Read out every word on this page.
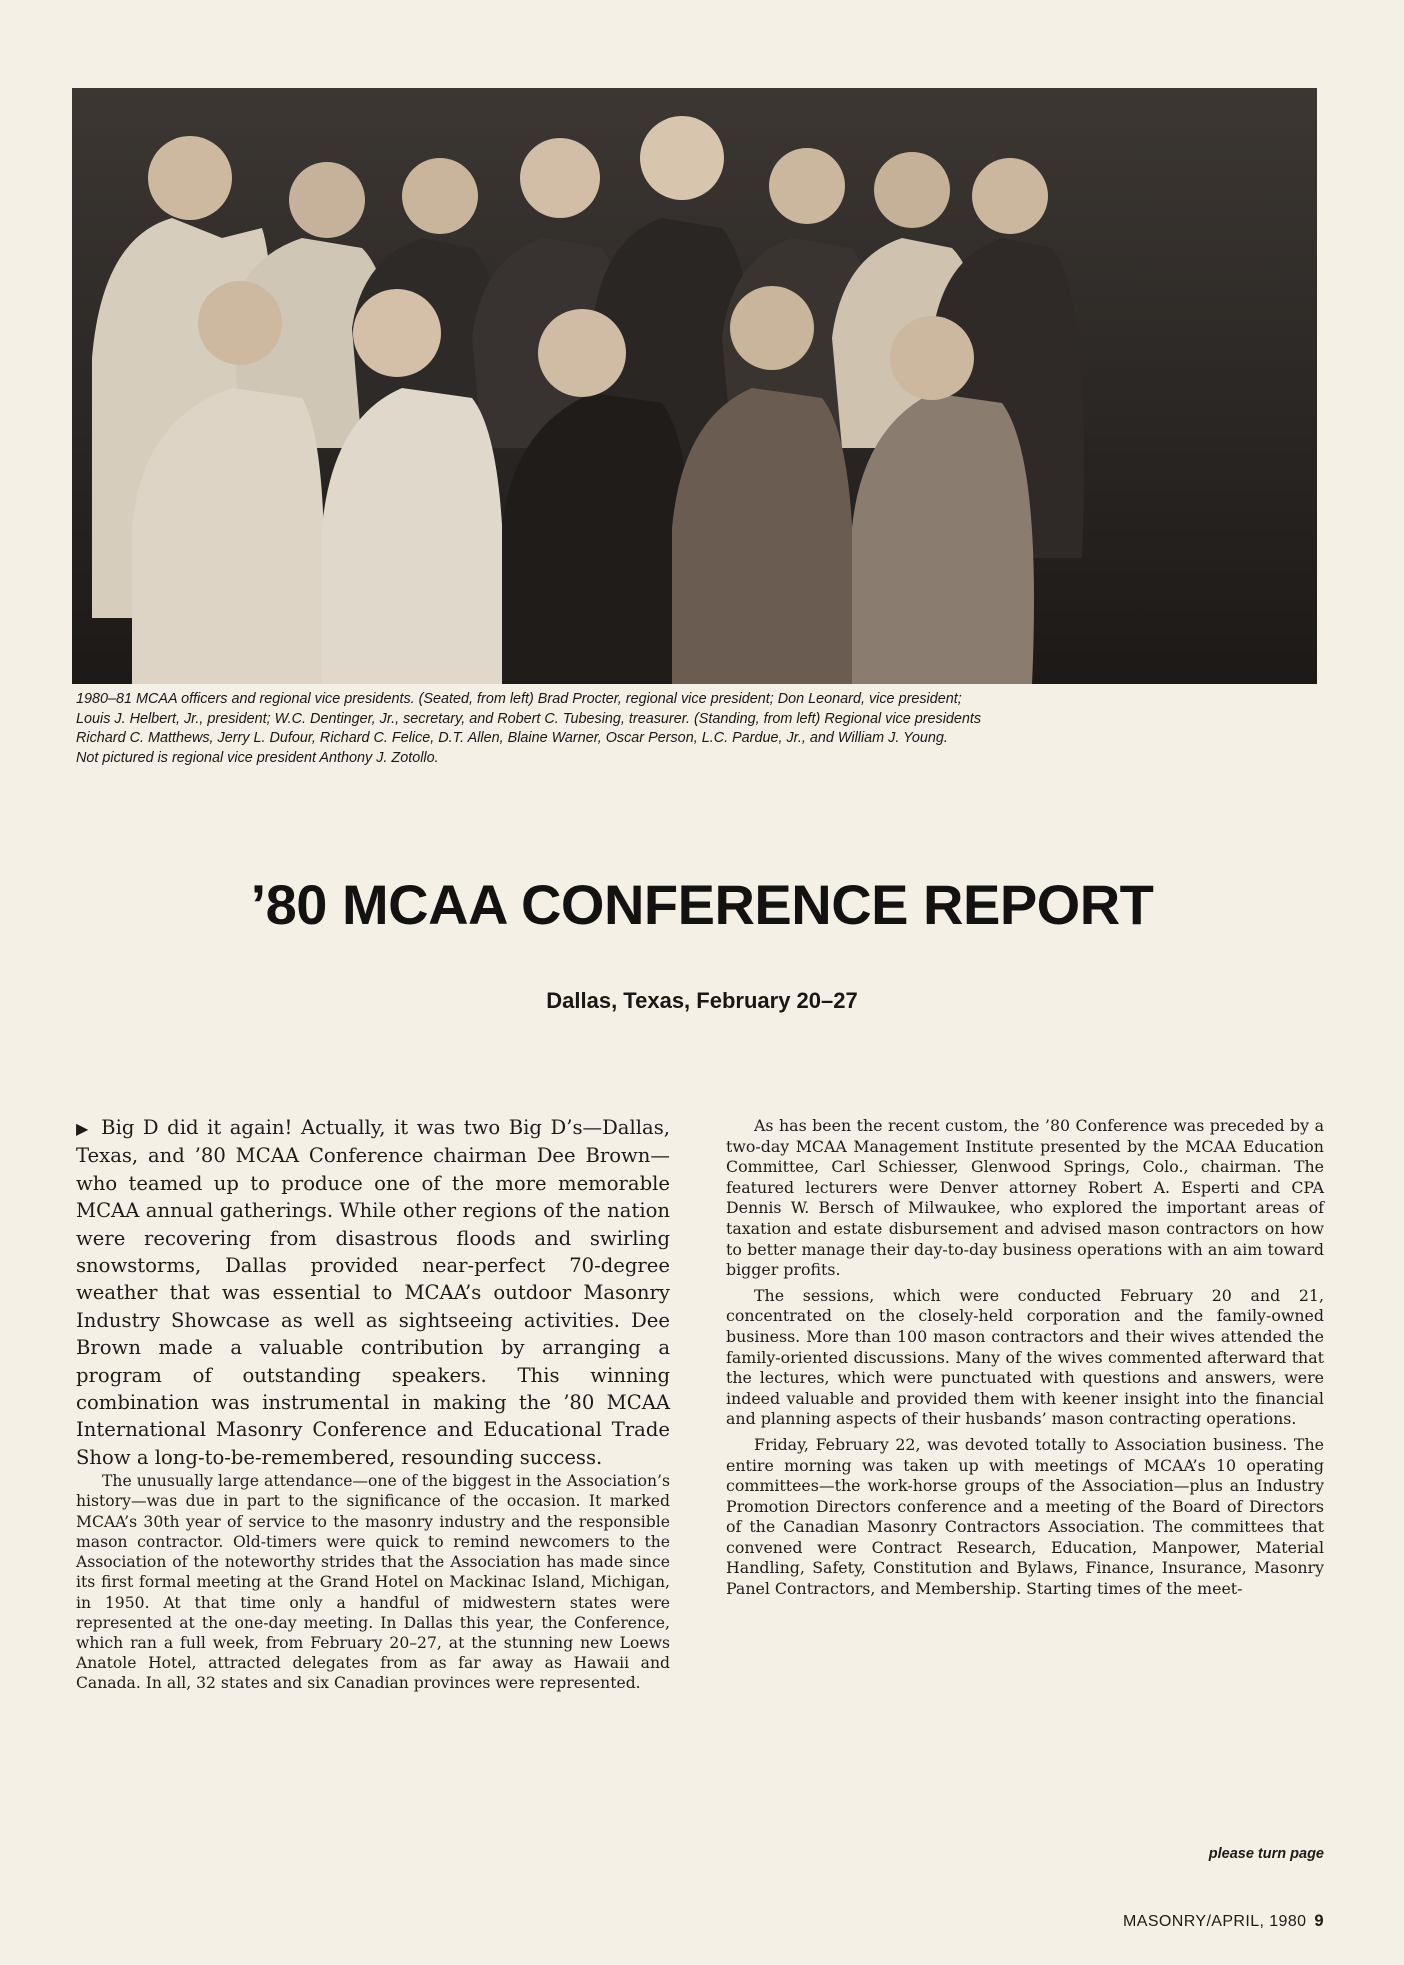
1980–81 MCAA officers and regional vice presidents. (Seated, from left) Brad Procter, regional vice president; Don Leonard, vice president;

Louis J. Helbert, Jr., president; W.C. Dentinger, Jr., secretary, and Robert C. Tubesing, treasurer. (Standing, from left) Regional vice presidents

Richard C. Matthews, Jerry L. Dufour, Richard C. Felice, D.T. Allen, Blaine Warner, Oscar Person, L.C. Pardue, Jr., and William J. Young.

Not pictured is regional vice president Anthony J. Zotollo.

’80 MCAA CONFERENCE REPORT
Dallas, Texas, February 20–27

▶ Big D did it again! Actually, it was two Big D’s—Dallas, Texas, and ’80 MCAA Conference chairman Dee Brown—who teamed up to produce one of the more memorable MCAA annual gatherings. While other regions of the nation were recovering from disastrous floods and swirling snowstorms, Dallas provided near-perfect 70-degree weather that was essential to MCAA’s outdoor Masonry Industry Showcase as well as sightseeing activities. Dee Brown made a valuable contribution by arranging a program of outstanding speakers. This winning combination was instrumental in making the ’80 MCAA International Masonry Conference and Educational Trade Show a long-to-be-remembered, resounding success.

The unusually large attendance—one of the biggest in the Association’s history—was due in part to the significance of the occasion. It marked MCAA’s 30th year of service to the masonry industry and the responsible mason contractor. Old-timers were quick to remind newcomers to the Association of the noteworthy strides that the Association has made since its first formal meeting at the Grand Hotel on Mackinac Island, Michigan, in 1950. At that time only a handful of midwestern states were represented at the one-day meeting. In Dallas this year, the Conference, which ran a full week, from February 20–27, at the stunning new Loews Anatole Hotel, attracted delegates from as far away as Hawaii and Canada. In all, 32 states and six Canadian provinces were represented.

As has been the recent custom, the ’80 Conference was preceded by a two-day MCAA Management Institute presented by the MCAA Education Committee, Carl Schiesser, Glenwood Springs, Colo., chairman. The featured lecturers were Denver attorney Robert A. Esperti and CPA Dennis W. Bersch of Milwaukee, who explored the important areas of taxation and estate disbursement and advised mason contractors on how to better manage their day-to-day business operations with an aim toward bigger profits.

The sessions, which were conducted February 20 and 21, concentrated on the closely-held corporation and the family-owned business. More than 100 mason contractors and their wives attended the family-oriented discussions. Many of the wives commented afterward that the lectures, which were punctuated with questions and answers, were indeed valuable and provided them with keener insight into the financial and planning aspects of their husbands’ mason contracting operations.

Friday, February 22, was devoted totally to Association business. The entire morning was taken up with meetings of MCAA’s 10 operating committees—the work-horse groups of the Association—plus an Industry Promotion Directors conference and a meeting of the Board of Directors of the Canadian Masonry Contractors Association. The committees that convened were Contract Research, Education, Manpower, Material Handling, Safety, Constitution and Bylaws, Finance, Insurance, Masonry Panel Contractors, and Membership. Starting times of the meet-

please turn page
MASONRY/APRIL, 1980 9
